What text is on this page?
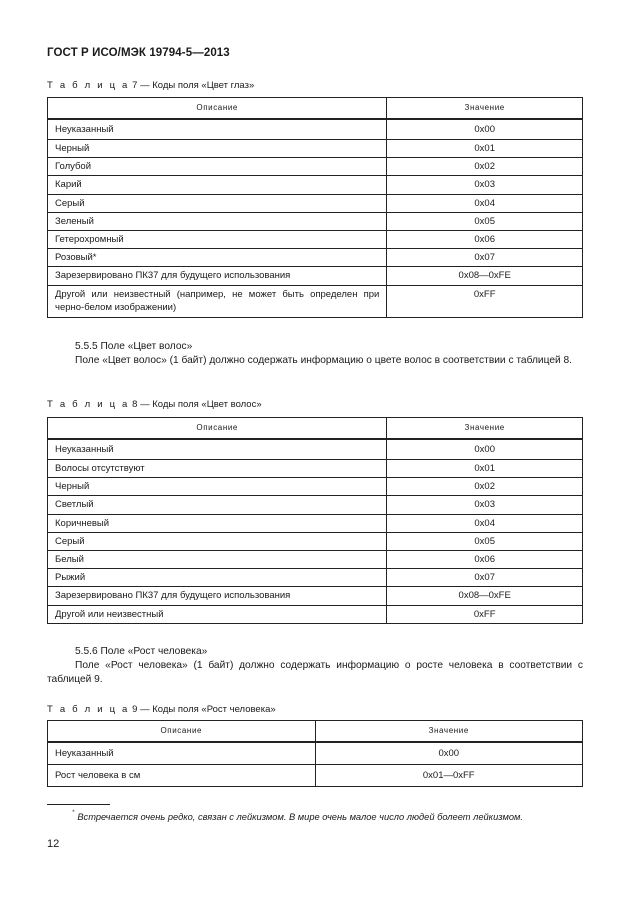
ГОСТ Р ИСО/МЭК 19794-5—2013
Т а б л и ц а 7 — Коды поля «Цвет глаз»
Описание	Значение
Неуказанный	0x00
Черный	0x01
Голубой	0x02
Карий	0x03
Серый	0x04
Зеленый	0x05
Гетерохромный	0x06
Розовый*	0x07
Зарезервировано ПК37 для будущего использования	0x08—0xFE
Другой или неизвестный (например, не может быть определен при черно-белом изображении)	0xFF
5.5.5 Поле «Цвет волос»
Поле «Цвет волос» (1 байт) должно содержать информацию о цвете волос в соответствии с таблицей 8.
Т а б л и ц а 8 — Коды поля «Цвет волос»
Описание	Значение
Неуказанный	0x00
Волосы отсутствуют	0x01
Черный	0x02
Светлый	0x03
Коричневый	0x04
Серый	0x05
Белый	0x06
Рыжий	0x07
Зарезервировано ПК37 для будущего использования	0x08—0xFE
Другой или неизвестный	0xFF
5.5.6 Поле «Рост человека»
Поле «Рост человека» (1 байт) должно содержать информацию о росте человека в соответствии с таблицей 9.
Т а б л и ц а 9 — Коды поля «Рост человека»
Описание	Значение
Неуказанный	0x00
Рост человека в см	0x01—0xFF
* Встречается очень редко, связан с лейкизмом. В мире очень малое число людей болеет лейкизмом.
12
